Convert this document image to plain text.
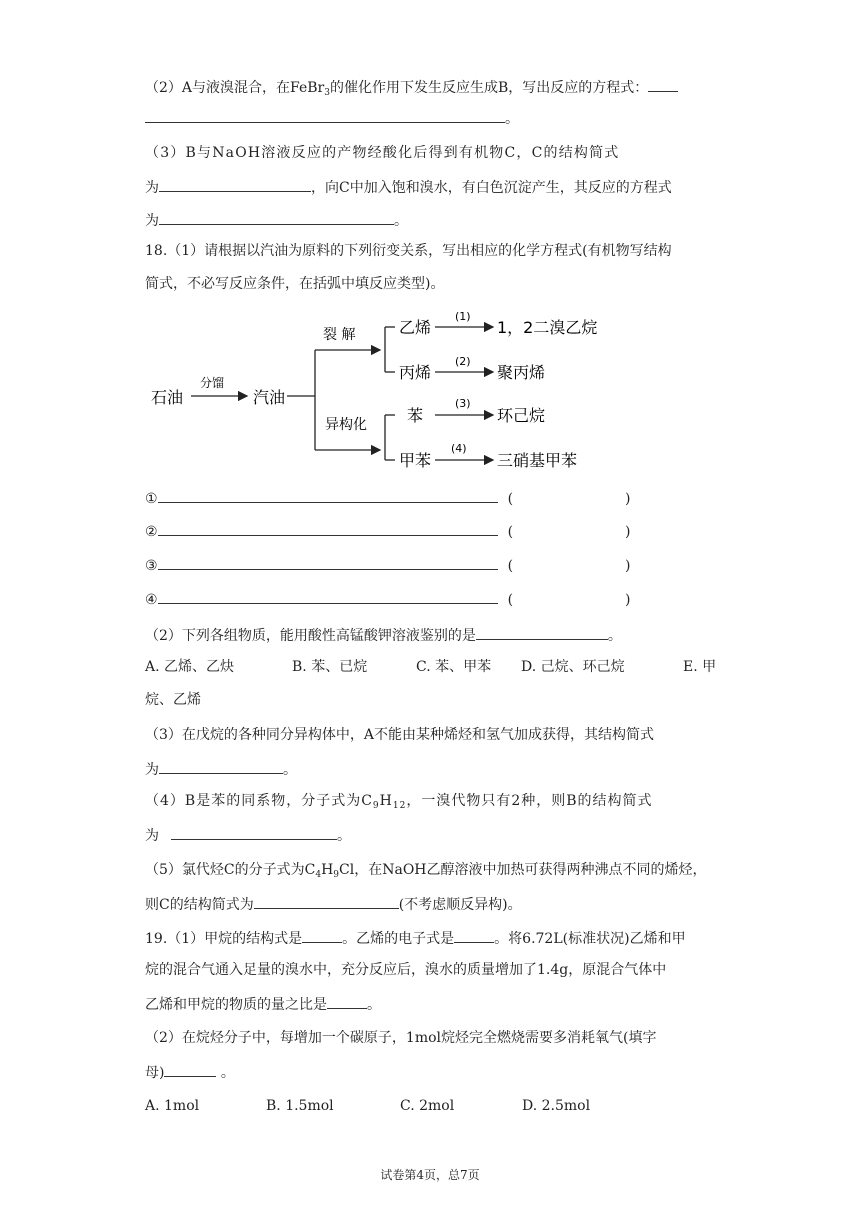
（2）A与液溴混合，在FeBr$_3$的催化作用下发生反应生成B，写出反应的方程式：
。
（3）B与NaOH溶液反应的产物经酸化后得到有机物C，C的结构简式
为	，向C中加入饱和溴水，有白色沉淀产生，其反应的方程式
为	。
18.（1）请根据以汽油为原料的下列衍变关系，写出相应的化学方程式(有机物写结构
简式，不必写反应条件，在括弧中填反应类型)。
石油
分馏
汽油
裂 解
异构化
乙烯
丙烯
苯
甲苯
(1)
1，2二溴乙烷
(2)
聚丙烯
(3)
环己烷
(4)
三硝基甲苯
①	(	)
②	(	)
③	(	)
④	(	)
（2）下列各组物质，能用酸性高锰酸钾溶液鉴别的是	。
A. 乙烯、乙炔	B. 苯、已烷	C. 苯、甲苯 D. 己烷、环己烷	E. 甲
烷、乙烯
（3）在戊烷的各种同分异构体中，A不能由某种烯烃和氢气加成获得，其结构简式
为	。
（4）B是苯的同系物，分子式为$C_9H_{12}$，一溴代物只有2种，则B的结构简式
为	。
（5）氯代烃C的分子式为$C_4H_9Cl$，在NaOH乙醇溶液中加热可获得两种沸点不同的烯烃，
则C的结构简式为	(不考虑顺反异构)。
19.（1）甲烷的结构式是	。乙烯的电子式是	。将6.72L(标准状况)乙烯和甲
烷的混合气通入足量的溴水中，充分反应后，溴水的质量增加了1.4g，原混合气体中
乙烯和甲烷的物质的量之比是	。
（2）在烷烃分子中，每增加一个碳原子，1mol烷烃完全燃烧需要多消耗氧气(填字
母)	。
A. 1mol	B. 1.5mol	C. 2mol	D. 2.5mol
试卷第4页，总7页
